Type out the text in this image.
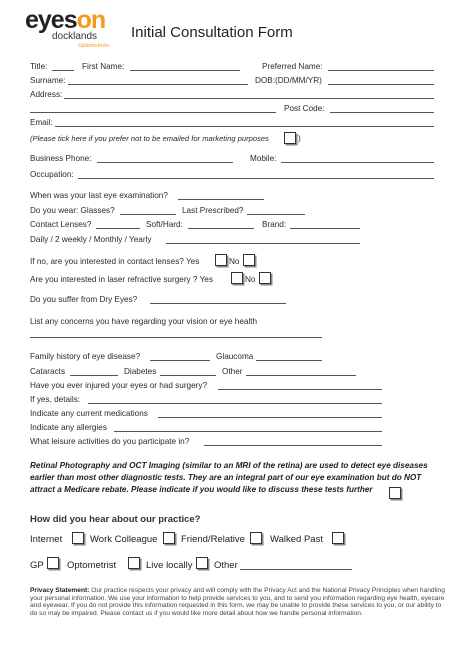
eyeson
docklands
Optometrists
Initial Consultation Form
Title:	First Name:	Preferred Name:
Surname:	DOB:(DD/MM/YR)
Address:
Post Code:
Email:
(Please tick here if you prefer not to be emailed for marketing purposes	)
Business Phone:	Mobile:
Occupation:
When was your last eye examination?
Do you wear: Glasses?	Last Prescribed?
Contact Lenses?	Soft/Hard:	Brand:
Daily / 2 weekly / Monthly / Yearly
If no, are you interested in contact lenses? Yes	No
Are you interested in laser refractive surgery ? Yes	No
Do you suffer from Dry Eyes?
List any concerns you have regarding your vision or eye health
Family history of eye disease?	Glaucoma
Cataracts	Diabetes	Other
Have you ever injured your eyes or had surgery?
If yes, details:
Indicate any current medications
Indicate any allergies
What leisure activities do you participate in?
Retinal Photography and OCT Imaging (similar to an MRI of the retina) are used to detect eye diseases earlier than most other diagnostic tests. They are an integral part of our eye examination but do NOT attract a Medicare rebate. Please indicate if you would like to discuss these tests further
How did you hear about our practice?
Internet	Work Colleague Friend/Relative	Walked Past
GP Optometrist	Live locally Other
Privacy Statement: Our practice respects your privacy and will comply with the Privacy Act and the National Privacy Principles when handling your personal information. We use your information to help provide services to you, and to send you information regarding eye health, eyecare and eyewear. If you do not provide this information requested in this form, we may be unable to provide these services to you, or our ability to do so may be impaired. Please contact us if you would like more detail about how we handle personal information.
